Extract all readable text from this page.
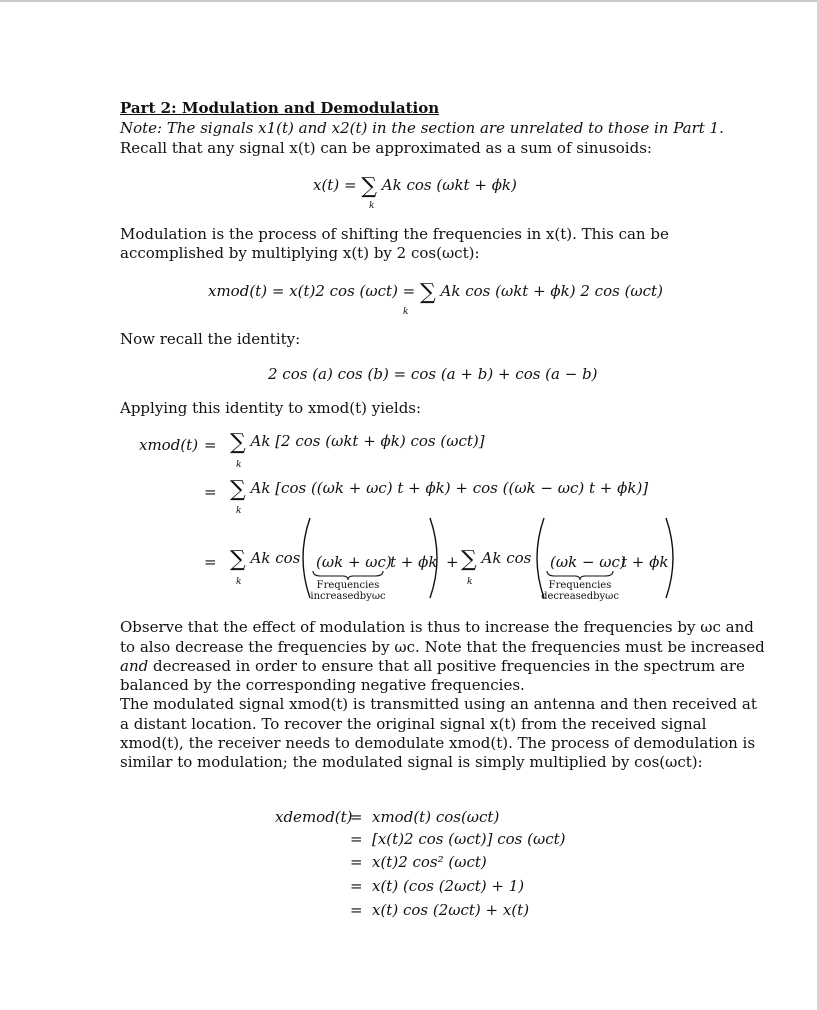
Part 2: Modulation and Demodulation
Note: The signals x1(t) and x2(t) in the section are unrelated to those in Part 1.
Recall that any signal x(t) can be approximated as a sum of sinusoids:
x(t) = ∑ Ak cos (ωkt + ϕk)
k
Modulation is the process of shifting the frequencies in x(t). This can be
accomplished by multiplying x(t) by 2 cos(ωct):
xmod(t) = x(t)2 cos (ωct) = ∑ Ak cos (ωkt + ϕk) 2 cos (ωct)
k
Now recall the identity:
2 cos (a) cos (b) = cos (a + b) + cos (a − b)
Applying this identity to xmod(t) yields:
xmod(t) = ∑ Ak [2 cos (ωkt + ϕk) cos (ωct)]
k
= ∑ Ak [cos ((ωk + ωc) t + ϕk) + cos ((ωk − ωc) t + ϕk)]
k
= ∑ Ak cos
k
(ωk + ωc)
t + ϕk
Frequencies
increasedbyωc
+ ∑ Ak cos
k
(ωk − ωc)
t + ϕk
Frequencies
decreasedbyωc
Observe that the effect of modulation is thus to increase the frequencies by ωc and
to also decrease the frequencies by ωc. Note that the frequencies must be increased
and decreased in order to ensure that all positive frequencies in the spectrum are
balanced by the corresponding negative frequencies.
The modulated signal xmod(t) is transmitted using an antenna and then received at
a distant location. To recover the original signal x(t) from the received signal
xmod(t), the receiver needs to demodulate xmod(t). The process of demodulation is
similar to modulation; the modulated signal is simply multiplied by cos(ωct):
xdemod(t)
= xmod(t) cos(ωct)
= [x(t)2 cos (ωct)] cos (ωct)
= x(t)2 cos² (ωct)
= x(t) (cos (2ωct) + 1)
= x(t) cos (2ωct) + x(t)
